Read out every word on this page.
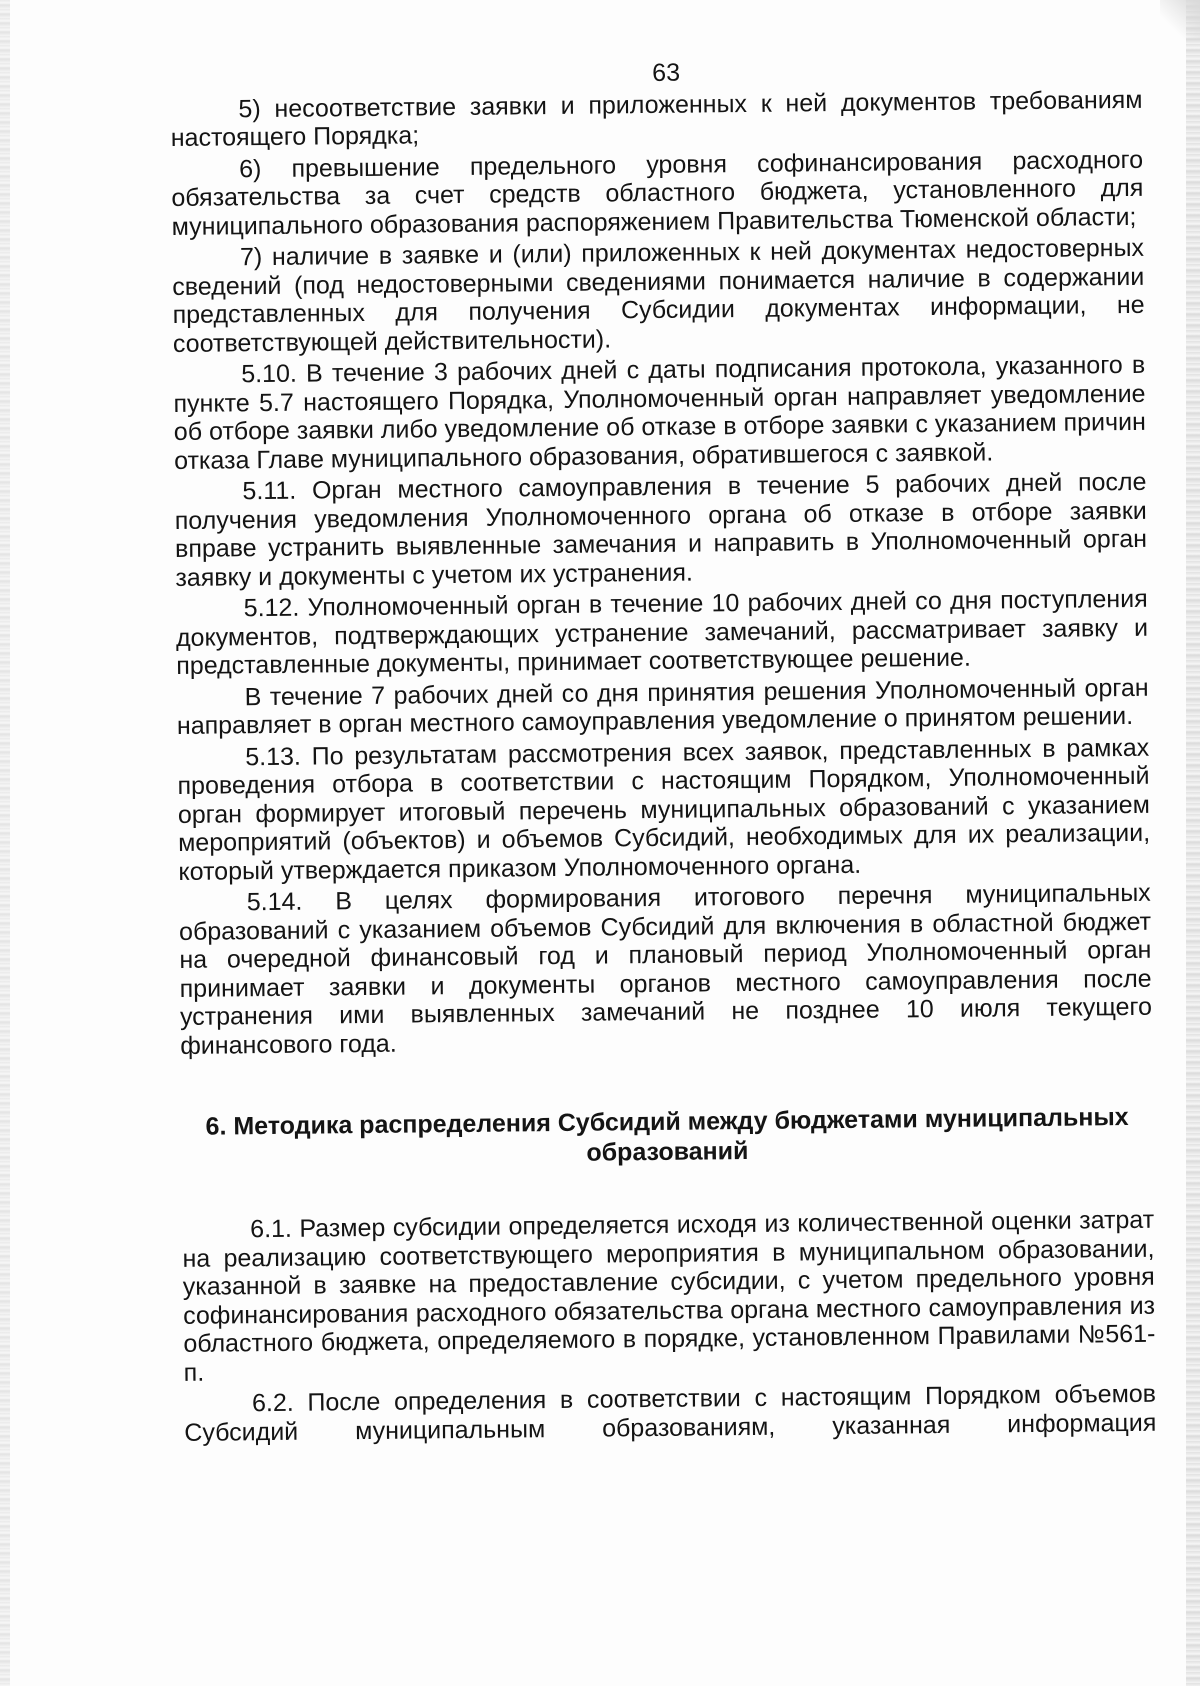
63

5) несоответствие заявки и приложенных к ней документов требованиям настоящего Порядка;

6) превышение предельного уровня софинансирования расходного обязательства за счет средств областного бюджета, установленного для муниципального образования распоряжением Правительства Тюменской области;

7) наличие в заявке и (или) приложенных к ней документах недостоверных сведений (под недостоверными сведениями понимается наличие в содержании представленных для получения Субсидии документах информации, не соответствующей действительности).

5.10. В течение 3 рабочих дней с даты подписания протокола, указанного в пункте 5.7 настоящего Порядка, Уполномоченный орган направляет уведомление об отборе заявки либо уведомление об отказе в отборе заявки с указанием причин отказа Главе муниципального образования, обратившегося с заявкой.

5.11. Орган местного самоуправления в течение 5 рабочих дней после получения уведомления Уполномоченного органа об отказе в отборе заявки вправе устранить выявленные замечания и направить в Уполномоченный орган заявку и документы с учетом их устранения.

5.12. Уполномоченный орган в течение 10 рабочих дней со дня поступления документов, подтверждающих устранение замечаний, рассматривает заявку и представленные документы, принимает соответствующее решение.

В течение 7 рабочих дней со дня принятия решения Уполномоченный орган направляет в орган местного самоуправления уведомление о принятом решении.

5.13. По результатам рассмотрения всех заявок, представленных в рамках проведения отбора в соответствии с настоящим Порядком, Уполномоченный орган формирует итоговый перечень муниципальных образований с указанием мероприятий (объектов) и объемов Субсидий, необходимых для их реализации, который утверждается приказом Уполномоченного органа.

5.14. В целях формирования итогового перечня муниципальных образований с указанием объемов Субсидий для включения в областной бюджет на очередной финансовый год и плановый период Уполномоченный орган принимает заявки и документы органов местного самоуправления после устранения ими выявленных замечаний не позднее 10 июля текущего финансового года.

6. Методика распределения Субсидий между бюджетами муниципальных
образований

6.1. Размер субсидии определяется исходя из количественной оценки затрат на реализацию соответствующего мероприятия в муниципальном образовании, указанной в заявке на предоставление субсидии, с учетом предельного уровня софинансирования расходного обязательства органа местного самоуправления из областного бюджета, определяемого в порядке, установленном Правилами №561-п.

6.2. После определения в соответствии с настоящим Порядком объемов Субсидий муниципальным образованиям, указанная информация
